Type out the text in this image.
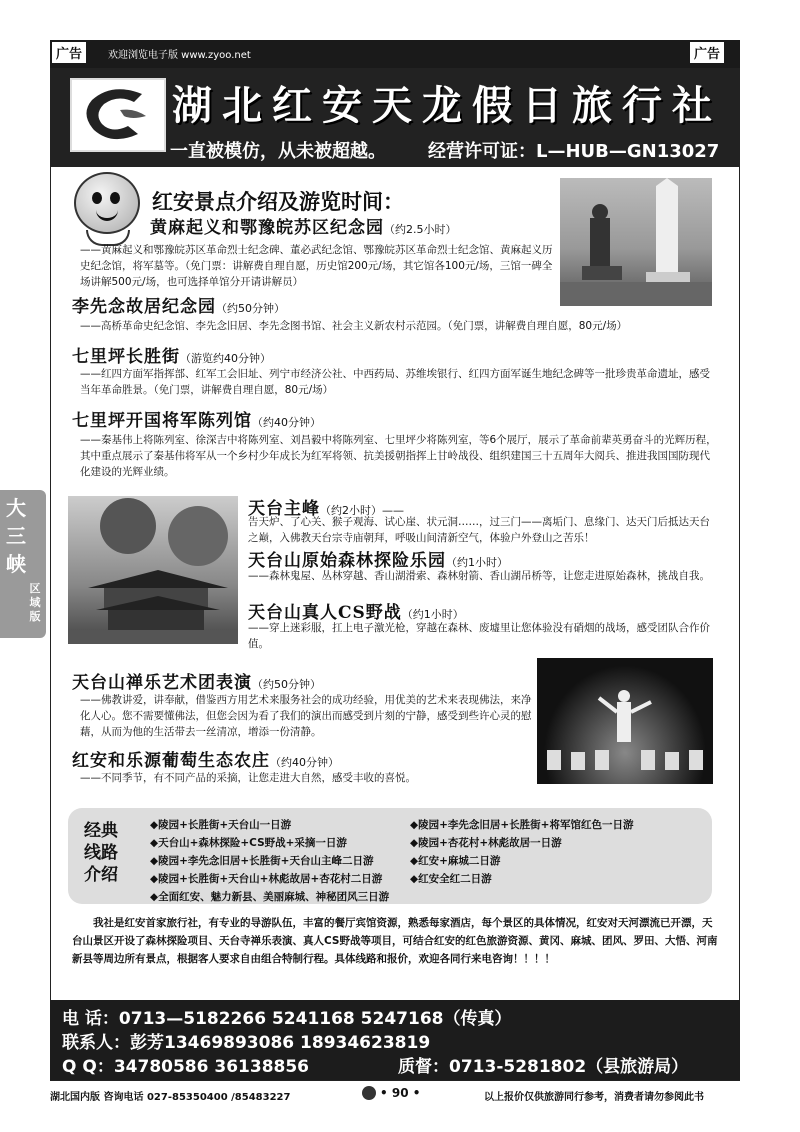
广告	欢迎浏览电子版 www.zyoo.net	广告
湖北红安天龙假日旅行社
一直被模仿，从未被超越。 经营许可证：L—HUB—GN13027
红安景点介绍及游览时间：
黄麻起义和鄂豫皖苏区纪念园（约2.5小时）
——黄麻起义和鄂豫皖苏区革命烈士纪念碑、董必武纪念馆、鄂豫皖苏区革命烈士纪念馆、黄麻起义历史纪念馆，将军墓等。（免门票：讲解费自理自愿，历史馆200元/场，其它馆各100元/场，三馆一碑全场讲解500元/场，也可选择单馆分开请讲解员）
李先念故居纪念园（约50分钟）
——高桥革命史纪念馆、李先念旧居、李先念图书馆、社会主义新农村示范园。（免门票，讲解费自理自愿，80元/场）
七里坪长胜街（游览约40分钟）
——红四方面军指挥部、红军工会旧址、列宁市经济公社、中西药局、苏维埃银行、红四方面军诞生地纪念碑等一批珍贵革命遗址，感受当年革命胜景。（免门票，讲解费自理自愿，80元/场）
七里坪开国将军陈列馆（约40分钟）
——秦基伟上将陈列室、徐深吉中将陈列室、刘昌毅中将陈列室、七里坪少将陈列室，等6个展厅，展示了革命前辈英勇奋斗的光辉历程，其中重点展示了秦基伟将军从一个乡村少年成长为红军将领、抗美援朝指挥上甘岭战役、组织建国三十五周年大阅兵、推进我国国防现代化建设的光辉业绩。
天台主峰（约2小时）——
告天炉、了心关、猴子观海、试心崖、状元洞……，过三门——离垢门、息缘门、达天门后抵达天台之巅，入佛教天台宗寺庙朝拜，呼吸山间清新空气，体验户外登山之苦乐！
天台山原始森林探险乐园（约1小时）
——森林鬼屋、丛林穿越、香山湖滑索、森林射箭、香山湖吊桥等，让您走进原始森林，挑战自我。
天台山真人CS野战（约1小时）
——穿上迷彩服，扛上电子激光枪，穿越在森林、废墟里让您体验没有硝烟的战场，感受团队合作价值。
天台山禅乐艺术团表演（约50分钟）
——佛教讲爱，讲奉献，借鉴西方用艺术来服务社会的成功经验，用优美的艺术来表现佛法，来净化人心。您不需要懂佛法，但您会因为看了我们的演出而感受到片刻的宁静，感受到些许心灵的慰藉，从而为他的生活带去一丝清凉，增添一份清静。
红安和乐源葡萄生态农庄（约40分钟）
——不同季节，有不同产品的采摘，让您走进大自然，感受丰收的喜悦。
经典线路介绍
◆陵园+长胜街+天台山一日游
◆天台山+森林探险+CS野战+采摘一日游
◆陵园+李先念旧居+长胜街+天台山主峰二日游
◆陵园+长胜街+天台山+林彪故居+杏花村二日游
◆全面红安、魅力新县、美丽麻城、神秘团风三日游
◆陵园+李先念旧居+长胜街+将军馆红色一日游
◆陵园+杏花村+林彪故居一日游
◆红安+麻城二日游
◆红安全红二日游
我社是红安首家旅行社，有专业的导游队伍，丰富的餐厅宾馆资源，熟悉每家酒店，每个景区的具体情况，红安对天河漂流已开漂，天台山景区开设了森林探险项目、天台寺禅乐表演、真人CS野战等项目，可结合红安的红色旅游资源、黄冈、麻城、团风、罗田、大悟、河南新县等周边所有景点，根据客人要求自由组合特制行程。具体线路和报价，欢迎各同行来电咨询！！！！
电 话：0713—5182266 5241168 5247168（传真）
联系人：彭芳13469893086 18934623819
Q Q：34780586 36138856	质督：0713-5281802（县旅游局）
湖北国内版 咨询电话 027-85350400 /85483227	• 90 •	以上报价仅供旅游同行参考，消费者请勿参阅此书
大三峡
区域版
